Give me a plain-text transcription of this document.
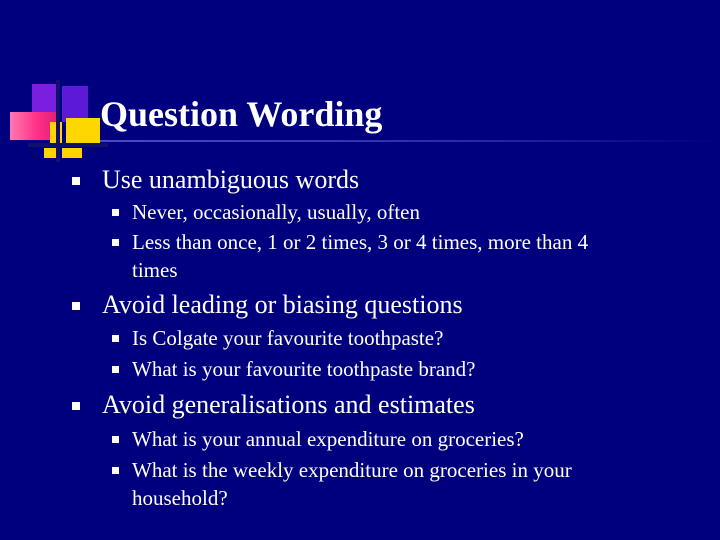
Question Wording
Use unambiguous words
Never, occasionally, usually, often
Less than once, 1 or 2 times, 3 or 4 times, more than 4
times
Avoid leading or biasing questions
Is Colgate your favourite toothpaste?
What is your favourite toothpaste brand?
Avoid generalisations and estimates
What is your annual expenditure on groceries?
What is the weekly expenditure on groceries in your
household?
